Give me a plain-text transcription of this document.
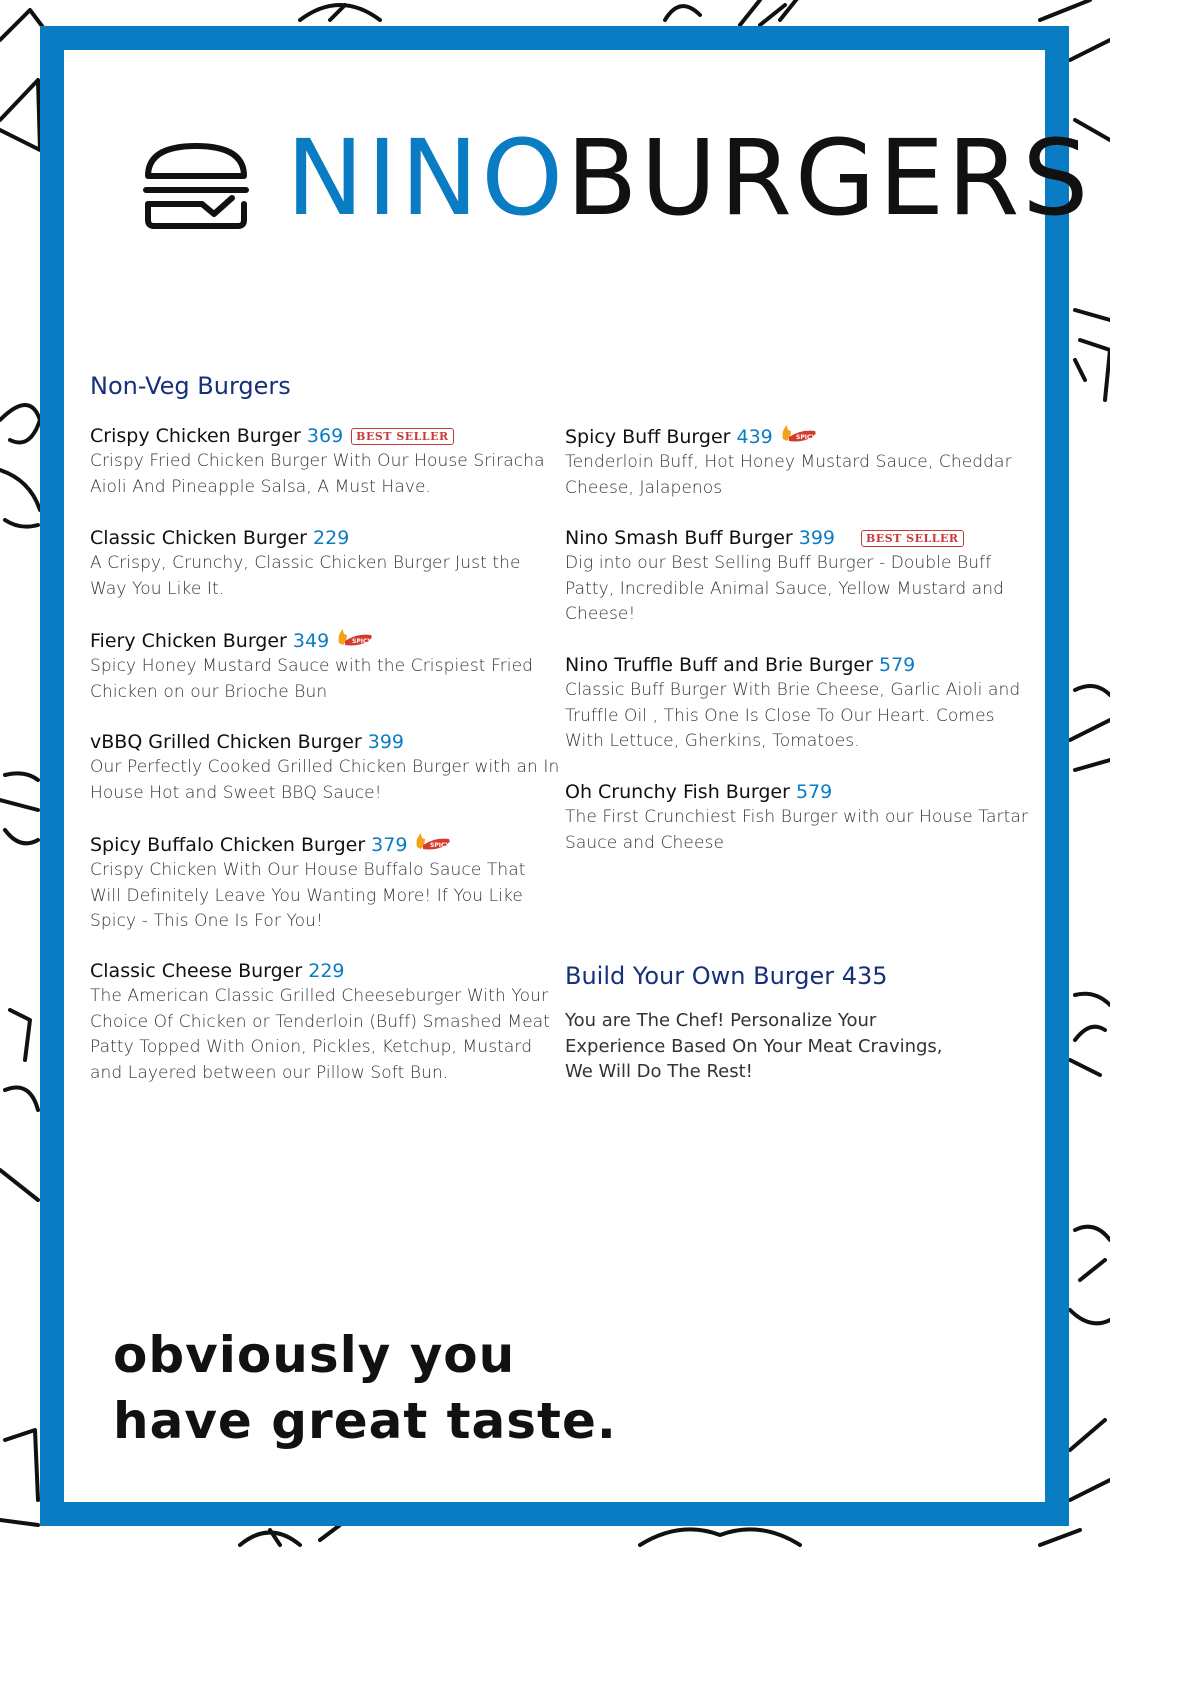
NINOBURGERS
Non-Veg Burgers
Build Your Own Burger 435
You are The Chef! Personalize Your
Experience Based On Your Meat Cravings,
We Will Do The Rest!
obviously you
have great taste.
Crispy Chicken Burger 369 BEST SELLER
Crispy Fried Chicken Burger With Our House Sriracha Aioli And Pineapple Salsa, A Must Have.
Classic Chicken Burger 229
A Crispy, Crunchy, Classic Chicken Burger Just the Way You Like It.
Fiery Chicken Burger 349	SPICY
Spicy Honey Mustard Sauce with the Crispiest Fried Chicken on our Brioche Bun
vBBQ Grilled Chicken Burger 399
Our Perfectly Cooked Grilled Chicken Burger with an In House Hot and Sweet BBQ Sauce!
Spicy Buffalo Chicken Burger 379	SPICY
Crispy Chicken With Our House Buffalo Sauce That Will Definitely Leave You Wanting More! If You Like Spicy - This One Is For You!
Classic Cheese Burger 229
The American Classic Grilled Cheeseburger With Your Choice Of Chicken or Tenderloin (Buff) Smashed Meat Patty Topped With Onion, Pickles, Ketchup, Mustard and Layered between our Pillow Soft Bun.
Spicy Buff Burger 439	SPICY
Tenderloin Buff, Hot Honey Mustard Sauce, Cheddar Cheese, Jalapenos
Nino Smash Buff Burger 399	BEST SELLER
Dig into our Best Selling Buff Burger - Double Buff Patty, Incredible Animal Sauce, Yellow Mustard and Cheese!
Nino Truffle Buff and Brie Burger 579
Classic Buff Burger With Brie Cheese, Garlic Aioli and Truffle Oil , This One Is Close To Our Heart. Comes With Lettuce, Gherkins, Tomatoes.
Oh Crunchy Fish Burger 579
The First Crunchiest Fish Burger with our House Tartar Sauce and Cheese
